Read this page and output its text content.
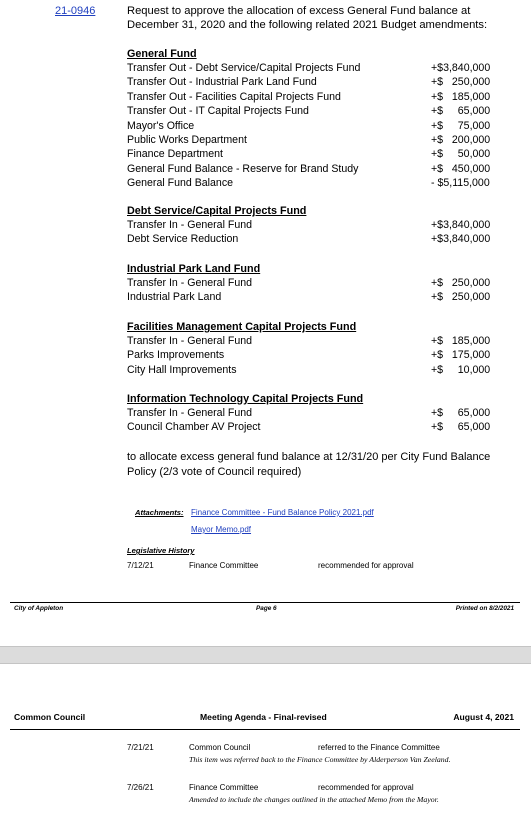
21-0946	Request to approve the allocation of excess General Fund balance at December 31, 2020 and the following related 2021 Budget amendments:
General Fund
Transfer Out - Debt Service/Capital Projects Fund	+$3,840,000
Transfer Out - Industrial Park Land Fund	+$   250,000
Transfer Out - Facilities Capital Projects Fund	+$   185,000
Transfer Out - IT Capital Projects Fund	+$     65,000
Mayor's Office	+$     75,000
Public Works Department	+$   200,000
Finance Department	+$     50,000
General Fund Balance - Reserve for Brand Study	+$   450,000
General Fund Balance	- $5,115,000
Debt Service/Capital Projects Fund
Transfer In - General Fund	+$3,840,000
Debt Service Reduction	+$3,840,000
Industrial Park Land Fund
Transfer In - General Fund	+$   250,000
Industrial Park Land	+$   250,000
Facilities Management Capital Projects Fund
Transfer In - General Fund	+$   185,000
Parks Improvements	+$   175,000
City Hall Improvements	+$     10,000
Information Technology Capital Projects Fund
Transfer In - General Fund	+$     65,000
Council Chamber AV Project	+$     65,000
to allocate excess general fund balance at 12/31/20 per City Fund Balance Policy (2/3 vote of Council required)
Attachments: Finance Committee - Fund Balance Policy 2021.pdf
Mayor Memo.pdf
Legislative History
7/12/21	Finance Committee	recommended for approval
City of Appleton	Page 6	Printed on 8/2/2021
Common Council	Meeting Agenda - Final-revised	August 4, 2021
7/21/21	Common Council	referred to the Finance Committee
This item was referred back to the Finance Committee by Alderperson Van Zeeland.
7/26/21	Finance Committee	recommended for approval
Amended to include the changes outlined in the attached Memo from the Mayor.
